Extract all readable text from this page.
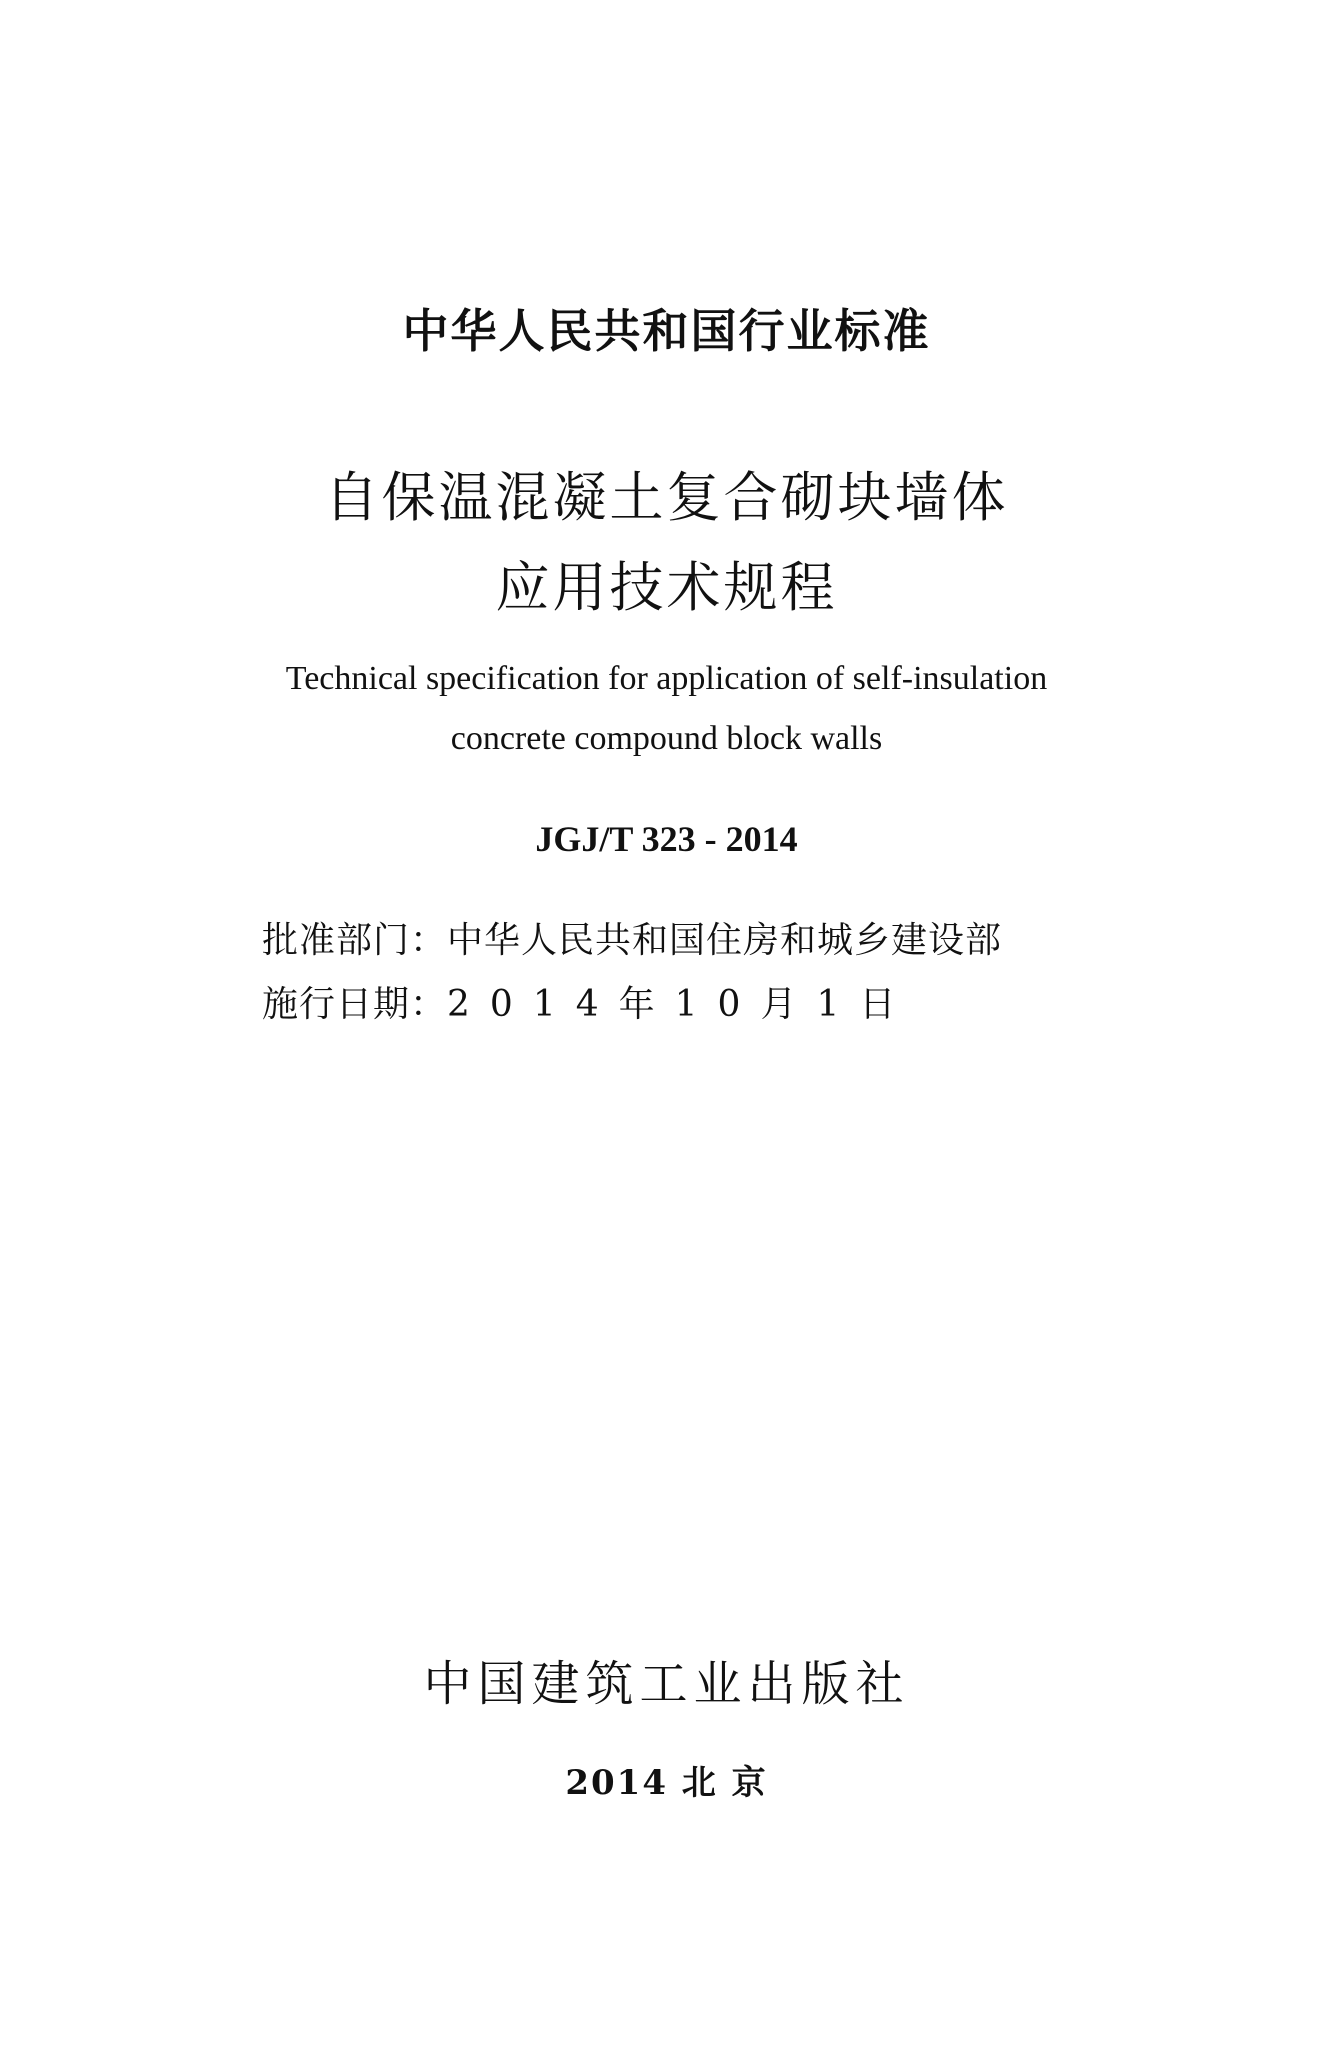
中华人民共和国行业标准
自保温混凝土复合砌块墙体
应用技术规程
Technical specification for application of self-insulation
concrete compound block walls
JGJ/T 323 - 2014
批准部门：中华人民共和国住房和城乡建设部
施行日期：2014年10月1日
中国建筑工业出版社
2014 北 京
